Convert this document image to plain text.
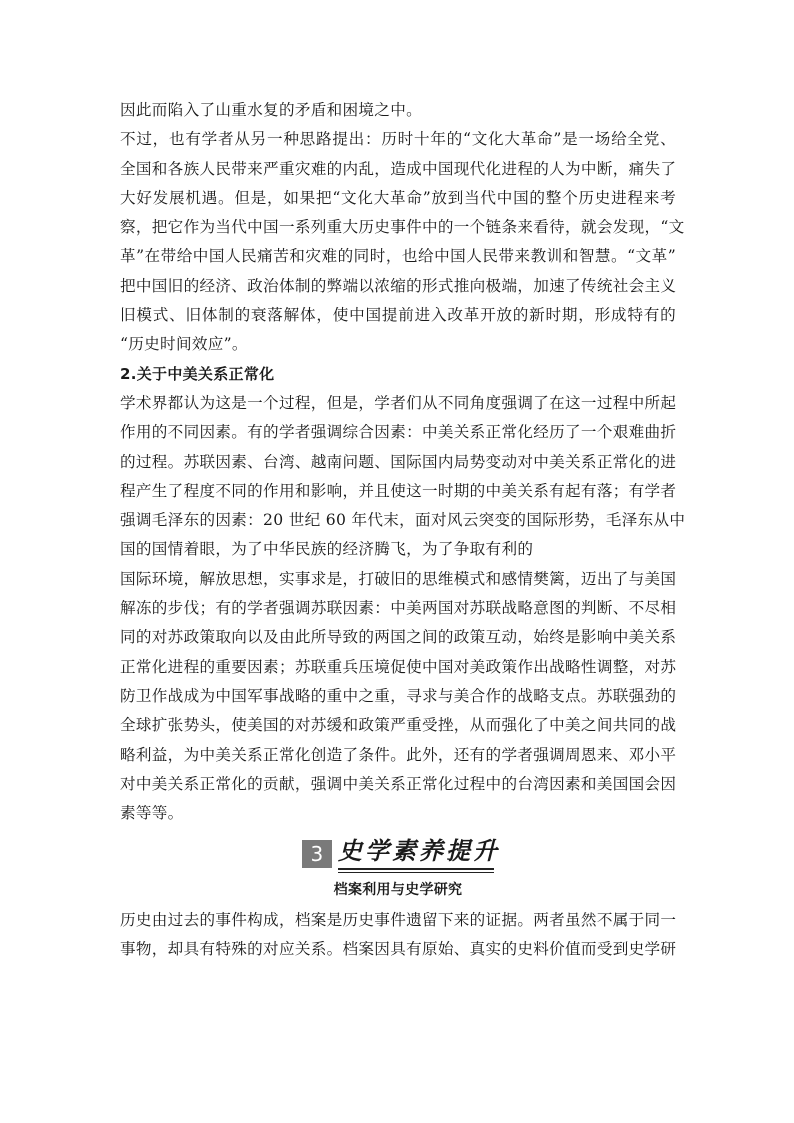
因此而陷入了山重水复的矛盾和困境之中。
不过，也有学者从另一种思路提出：历时十年的“文化大革命”是一场给全党、
全国和各族人民带来严重灾难的内乱，造成中国现代化进程的人为中断，痛失了
大好发展机遇。但是，如果把“文化大革命”放到当代中国的整个历史进程来考
察，把它作为当代中国一系列重大历史事件中的一个链条来看待，就会发现，“文
革”在带给中国人民痛苦和灾难的同时，也给中国人民带来教训和智慧。“文革”
把中国旧的经济、政治体制的弊端以浓缩的形式推向极端，加速了传统社会主义
旧模式、旧体制的衰落解体，使中国提前进入改革开放的新时期，形成特有的
“历史时间效应”。
2.关于中美关系正常化
学术界都认为这是一个过程，但是，学者们从不同角度强调了在这一过程中所起
作用的不同因素。有的学者强调综合因素：中美关系正常化经历了一个艰难曲折
的过程。苏联因素、台湾、越南问题、国际国内局势变动对中美关系正常化的进
程产生了程度不同的作用和影响，并且使这一时期的中美关系有起有落；有学者
强调毛泽东的因素：20 世纪 60 年代末，面对风云突变的国际形势，毛泽东从中
国的国情着眼，为了中华民族的经济腾飞，为了争取有利的
国际环境，解放思想，实事求是，打破旧的思维模式和感情樊篱，迈出了与美国
解冻的步伐；有的学者强调苏联因素：中美两国对苏联战略意图的判断、不尽相
同的对苏政策取向以及由此所导致的两国之间的政策互动，始终是影响中美关系
正常化进程的重要因素；苏联重兵压境促使中国对美政策作出战略性调整，对苏
防卫作战成为中国军事战略的重中之重，寻求与美合作的战略支点。苏联强劲的
全球扩张势头，使美国的对苏缓和政策严重受挫，从而强化了中美之间共同的战
略利益，为中美关系正常化创造了条件。此外，还有的学者强调周恩来、邓小平
对中美关系正常化的贡献，强调中美关系正常化过程中的台湾因素和美国国会因
素等等。
3 史学素养提升
档案利用与史学研究
历史由过去的事件构成，档案是历史事件遗留下来的证据。两者虽然不属于同一
事物，却具有特殊的对应关系。档案因具有原始、真实的史料价值而受到史学研
